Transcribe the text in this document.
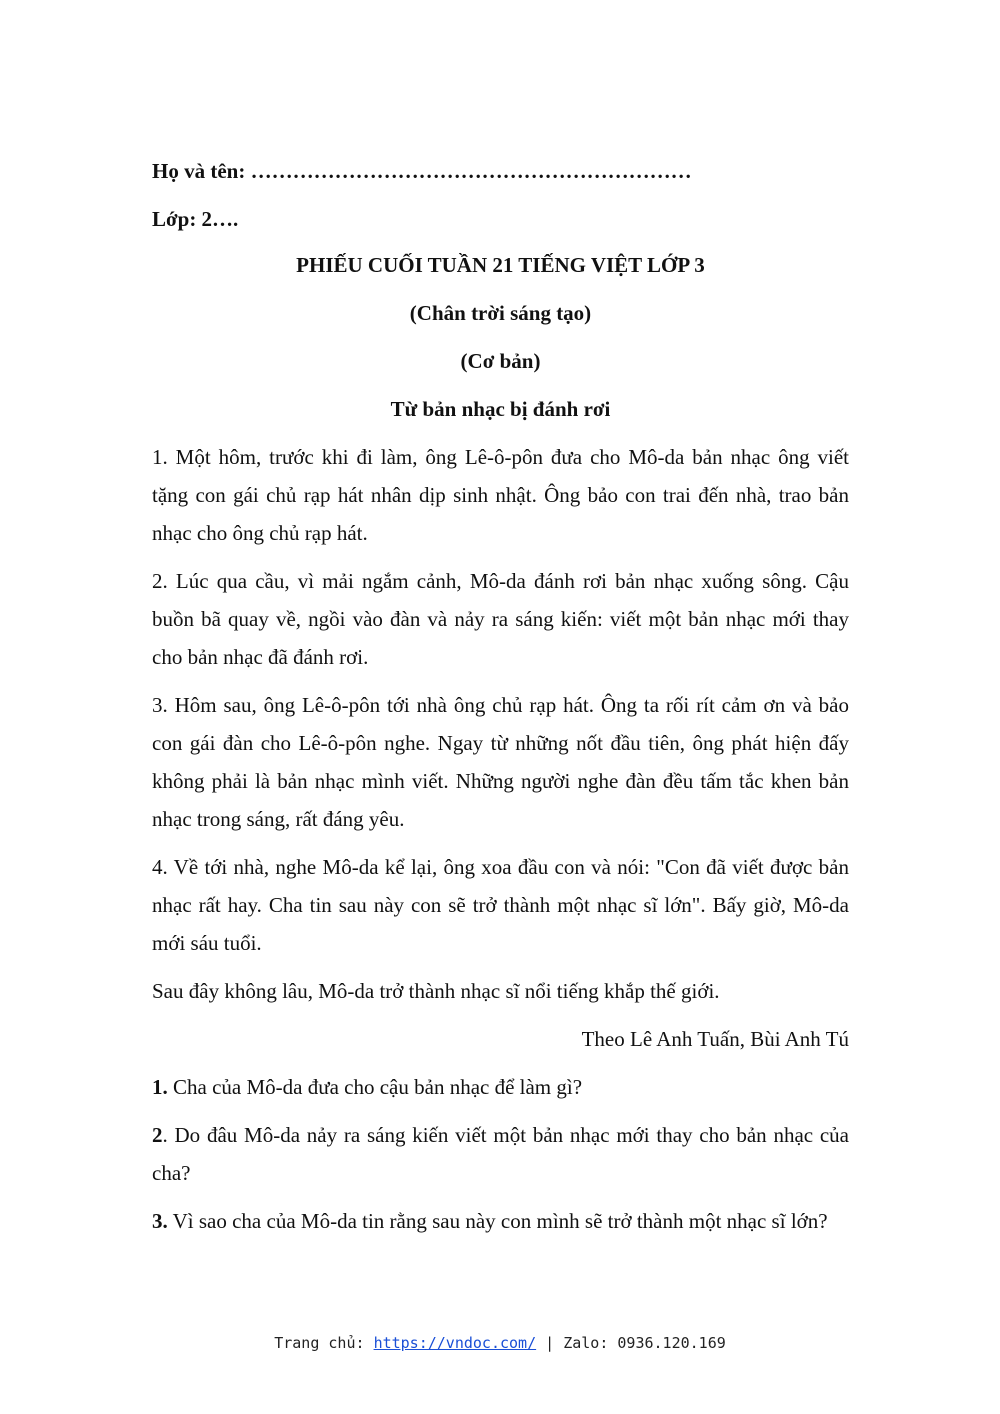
Họ và tên: ………………………………………………………

Lớp: 2….

PHIẾU CUỐI TUẦN 21 TIẾNG VIỆT LỚP 3

(Chân trời sáng tạo)

(Cơ bản)

Từ bản nhạc bị đánh rơi

1. Một hôm, trước khi đi làm, ông Lê-ô-pôn đưa cho Mô-da bản nhạc ông viết tặng con gái chủ rạp hát nhân dịp sinh nhật. Ông bảo con trai đến nhà, trao bản nhạc cho ông chủ rạp hát.

2. Lúc qua cầu, vì mải ngắm cảnh, Mô-da đánh rơi bản nhạc xuống sông. Cậu buồn bã quay về, ngồi vào đàn và nảy ra sáng kiến: viết một bản nhạc mới thay cho bản nhạc đã đánh rơi.

3. Hôm sau, ông Lê-ô-pôn tới nhà ông chủ rạp hát. Ông ta rối rít cảm ơn và bảo con gái đàn cho Lê-ô-pôn nghe. Ngay từ những nốt đầu tiên, ông phát hiện đấy không phải là bản nhạc mình viết. Những người nghe đàn đều tấm tắc khen bản nhạc trong sáng, rất đáng yêu.

4. Về tới nhà, nghe Mô-da kể lại, ông xoa đầu con và nói: "Con đã viết được bản nhạc rất hay. Cha tin sau này con sẽ trở thành một nhạc sĩ lớn". Bấy giờ, Mô-da mới sáu tuổi.

Sau đây không lâu, Mô-da trở thành nhạc sĩ nổi tiếng khắp thế giới.

Theo Lê Anh Tuấn, Bùi Anh Tú

1. Cha của Mô-da đưa cho cậu bản nhạc để làm gì?

2. Do đâu Mô-da nảy ra sáng kiến viết một bản nhạc mới thay cho bản nhạc của cha?

3. Vì sao cha của Mô-da tin rằng sau này con mình sẽ trở thành một nhạc sĩ lớn?

Trang chủ: https://vndoc.com/ | Zalo: 0936.120.169
